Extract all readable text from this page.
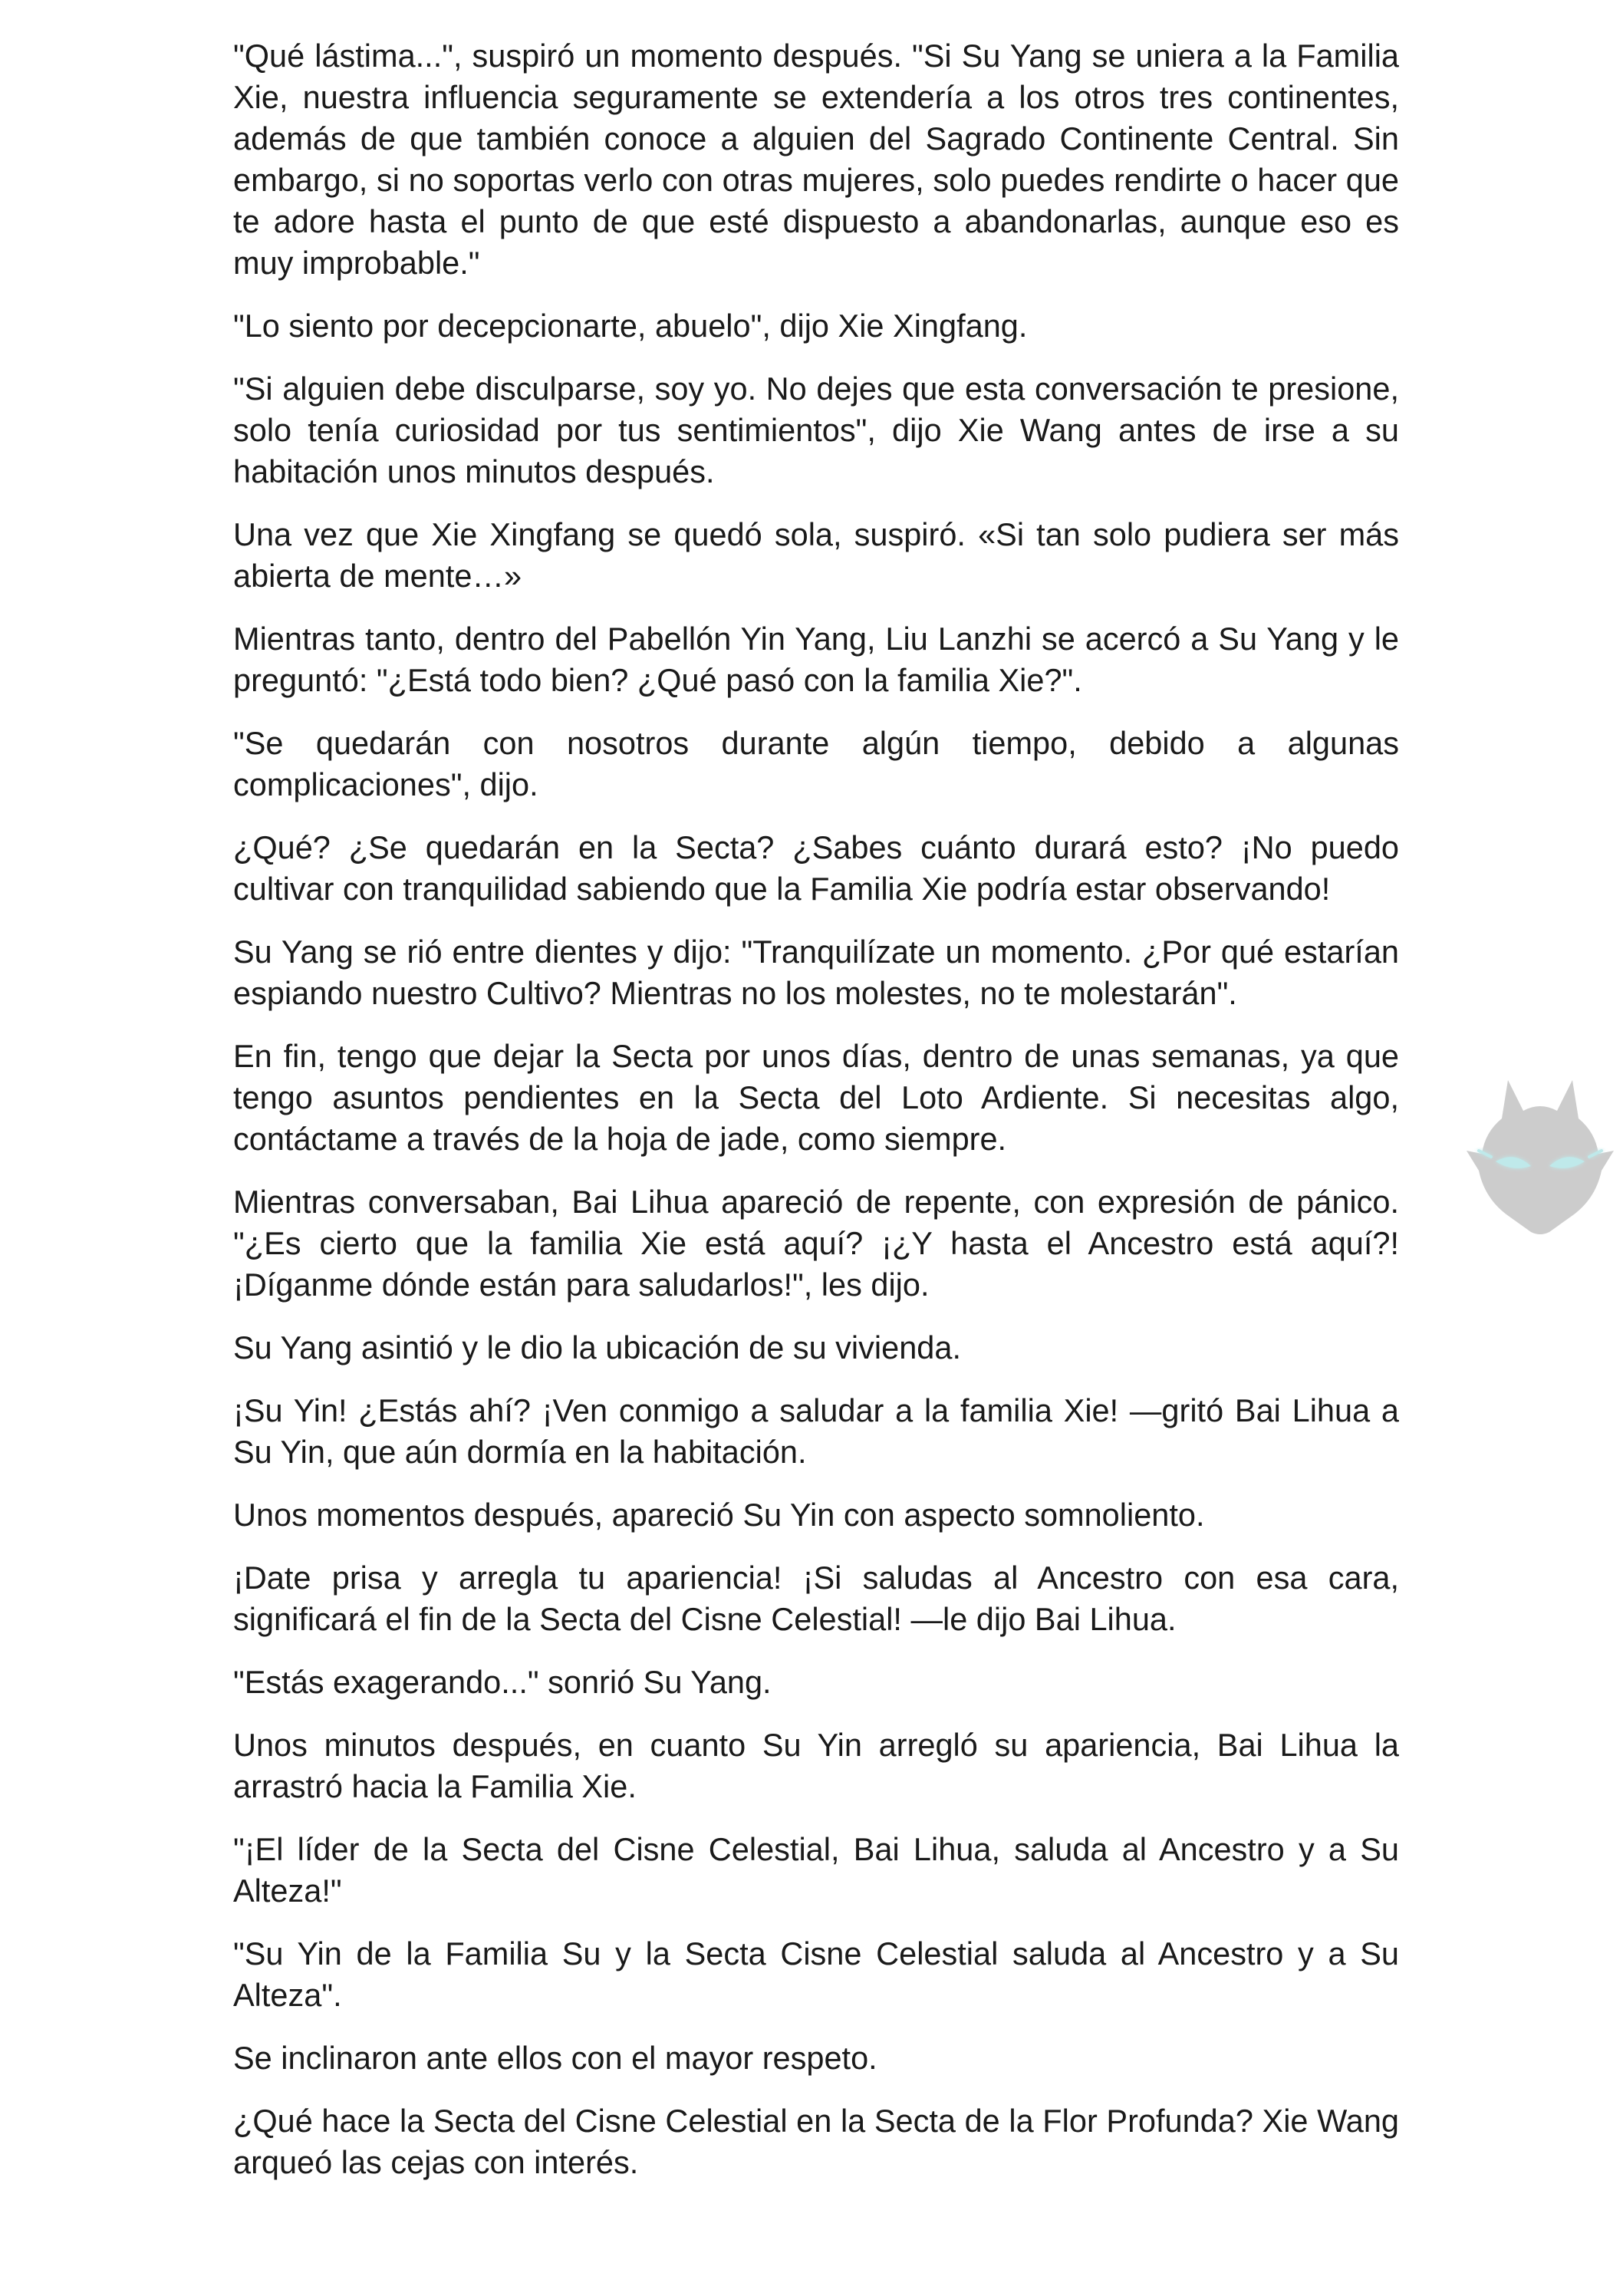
"Qué lástima...", suspiró un momento después. "Si Su Yang se uniera a la Familia Xie, nuestra influencia seguramente se extendería a los otros tres continentes, además de que también conoce a alguien del Sagrado Continente Central. Sin embargo, si no soportas verlo con otras mujeres, solo puedes rendirte o hacer que te adore hasta el punto de que esté dispuesto a abandonarlas, aunque eso es muy improbable."

"Lo siento por decepcionarte, abuelo", dijo Xie Xingfang.

"Si alguien debe disculparse, soy yo. No dejes que esta conversación te presione, solo tenía curiosidad por tus sentimientos", dijo Xie Wang antes de irse a su habitación unos minutos después.

Una vez que Xie Xingfang se quedó sola, suspiró. «Si tan solo pudiera ser más abierta de mente…»

Mientras tanto, dentro del Pabellón Yin Yang, Liu Lanzhi se acercó a Su Yang y le preguntó: "¿Está todo bien? ¿Qué pasó con la familia Xie?".

"Se quedarán con nosotros durante algún tiempo, debido a algunas complicaciones", dijo.

¿Qué? ¿Se quedarán en la Secta? ¿Sabes cuánto durará esto? ¡No puedo cultivar con tranquilidad sabiendo que la Familia Xie podría estar observando!

Su Yang se rió entre dientes y dijo: "Tranquilízate un momento. ¿Por qué estarían espiando nuestro Cultivo? Mientras no los molestes, no te molestarán".

En fin, tengo que dejar la Secta por unos días, dentro de unas semanas, ya que tengo asuntos pendientes en la Secta del Loto Ardiente. Si necesitas algo, contáctame a través de la hoja de jade, como siempre.

Mientras conversaban, Bai Lihua apareció de repente, con expresión de pánico. "¿Es cierto que la familia Xie está aquí? ¡¿Y hasta el Ancestro está aquí?! ¡Díganme dónde están para saludarlos!", les dijo.

Su Yang asintió y le dio la ubicación de su vivienda.

¡Su Yin! ¿Estás ahí? ¡Ven conmigo a saludar a la familia Xie! —gritó Bai Lihua a Su Yin, que aún dormía en la habitación.

Unos momentos después, apareció Su Yin con aspecto somnoliento.

¡Date prisa y arregla tu apariencia! ¡Si saludas al Ancestro con esa cara, significará el fin de la Secta del Cisne Celestial! —le dijo Bai Lihua.

"Estás exagerando..." sonrió Su Yang.

Unos minutos después, en cuanto Su Yin arregló su apariencia, Bai Lihua la arrastró hacia la Familia Xie.

"¡El líder de la Secta del Cisne Celestial, Bai Lihua, saluda al Ancestro y a Su Alteza!"

"Su Yin de la Familia Su y la Secta Cisne Celestial saluda al Ancestro y a Su Alteza".

Se inclinaron ante ellos con el mayor respeto.

¿Qué hace la Secta del Cisne Celestial en la Secta de la Flor Profunda? Xie Wang arqueó las cejas con interés.
